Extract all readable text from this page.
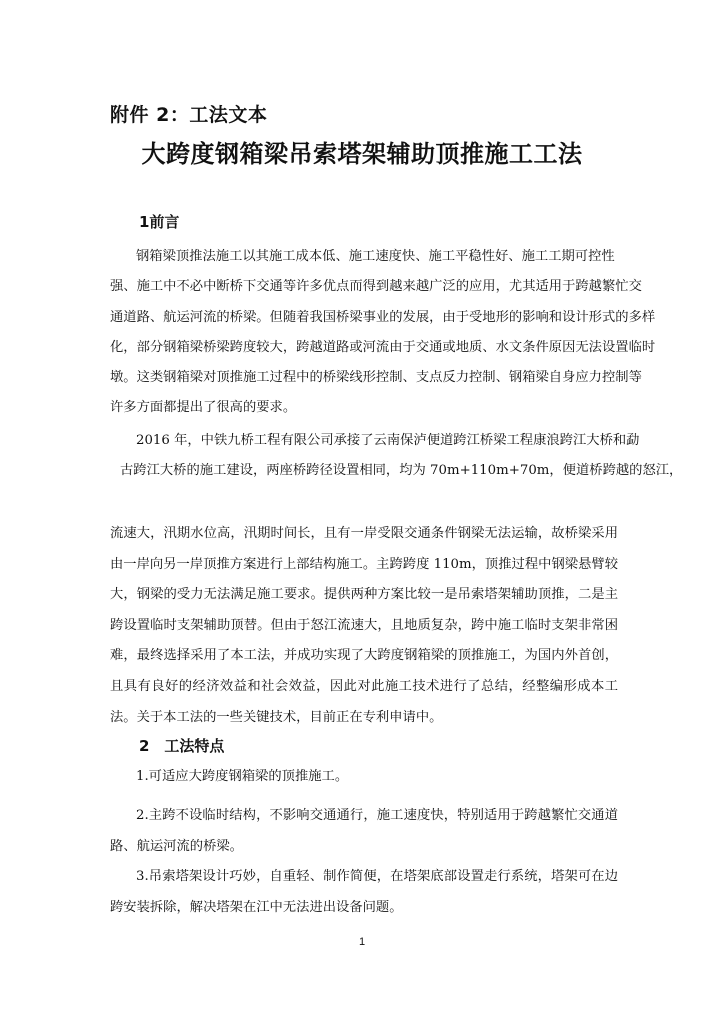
附件 2：工法文本
大跨度钢箱梁吊索塔架辅助顶推施工工法
1前言
钢箱梁顶推法施工以其施工成本低、施工速度快、施工平稳性好、施工工期可控性
强、施工中不必中断桥下交通等许多优点而得到越来越广泛的应用，尤其适用于跨越繁忙交
通道路、航运河流的桥梁。但随着我国桥梁事业的发展，由于受地形的影响和设计形式的多样
化，部分钢箱梁桥梁跨度较大，跨越道路或河流由于交通或地质、水文条件原因无法设置临时
墩。这类钢箱梁对顶推施工过程中的桥梁线形控制、支点反力控制、钢箱梁自身应力控制等
许多方面都提出了很高的要求。
2016 年，中铁九桥工程有限公司承接了云南保泸便道跨江桥梁工程康浪跨江大桥和勐
古跨江大桥的施工建设，两座桥跨径设置相同，均为 70m+110m+70m，便道桥跨越的怒江，
流速大，汛期水位高，汛期时间长，且有一岸受限交通条件钢梁无法运输，故桥梁采用由一岸向另一岸顶推方案进行上部结构施工。主跨跨度 110m，顶推过程中钢梁悬臂较大，钢梁的受力无法满足施工要求。提供两种方案比较一是吊索塔架辅助顶推，二是主跨设置临时支架辅助顶替。但由于怒江流速大，且地质复杂，跨中施工临时支架非常困难，最终选择采用了本工法，并成功实现了大跨度钢箱梁的顶推施工，为国内外首创，且具有良好的经济效益和社会效益，因此对此施工技术进行了总结，经整编形成本工法。关于本工法的一些关键技术，目前正在专利申请中。
2　工法特点
1.可适应大跨度钢箱梁的顶推施工。
2.主跨不设临时结构，不影响交通通行，施工速度快，特别适用于跨越繁忙交通道路、航运河流的桥梁。
3.吊索塔架设计巧妙，自重轻、制作简便，在塔架底部设置走行系统，塔架可在边跨安装拆除，解决塔架在江中无法进出设备问题。
1
